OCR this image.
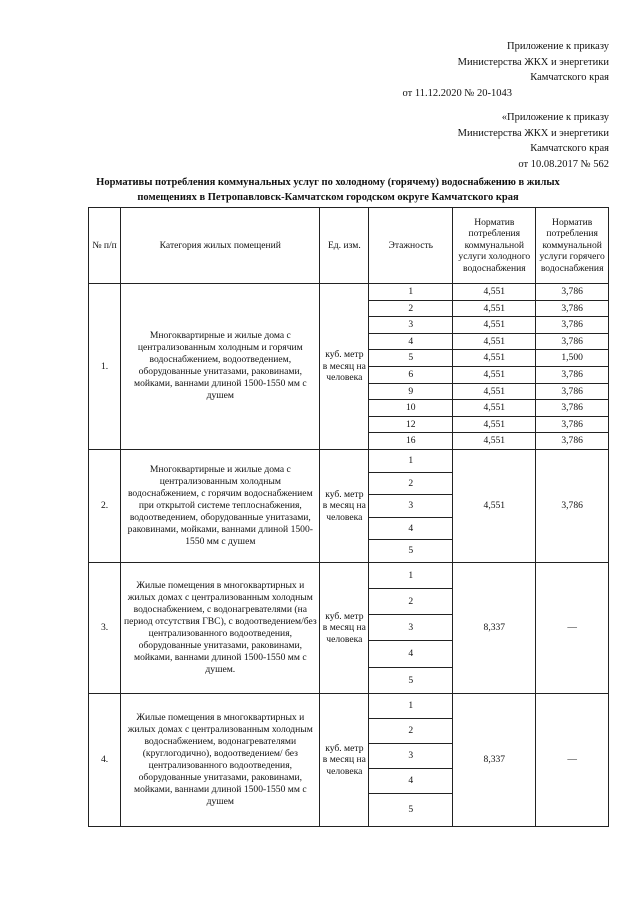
Приложение к приказу
Министерства ЖКХ и энергетики
Камчатского края
от 11.12.2020 № 20-1043
«Приложение к приказу
Министерства ЖКХ и энергетики
Камчатского края
от 10.08.2017 № 562
Нормативы потребления коммунальных услуг по холодному (горячему) водоснабжению в жилых
помещениях в Петропавловск-Камчатском городском округе Камчатского края
№ п/п	Категория жилых помещений	Ед. изм.	Этажность	Норматив потребления коммунальной услуги холодного водоснабжения	Норматив потребления коммунальной услуги горячего водоснабжения
1.	Многоквартирные и жилые дома с централизованным холодным и горячим водоснабжением, водоотведением, оборудованные унитазами, раковинами, мойками, ваннами длиной 1500-1550 мм с душем	куб. метр в месяц на человека	1	4,551	3,786
			2	4,551	3,786
			3	4,551	3,786
			4	4,551	3,786
			5	4,551	1,500
			6	4,551	3,786
			9	4,551	3,786
			10	4,551	3,786
			12	4,551	3,786
			16	4,551	3,786
2.	Многоквартирные и жилые дома с централизованным холодным водоснабжением, с горячим водоснабжением при открытой системе теплоснабжения, водоотведением, оборудованные унитазами, раковинами, мойками, ваннами длиной 1500-1550 мм с душем	куб. метр в месяц на человека	1	4,551	3,786
			2		
			3		
			4		
			5		
3.	Жилые помещения в многоквартирных и жилых домах с централизованным холодным водоснабжением, с водонагревателями (на период отсутствия ГВС), с водоотведением/без централизованного водоотведения, оборудованные унитазами, раковинами, мойками, ваннами длиной 1500-1550 мм с душем.	куб. метр в месяц на человека	1	8,337	—
			2		
			3		
			4		
			5		
4.	Жилые помещения в многоквартирных и жилых домах с централизованным холодным водоснабжением, водонагревателями (круглогодично), водоотведением/ без централизованного водоотведения, оборудованные унитазами, раковинами, мойками, ваннами длиной 1500-1550 мм с душем	куб. метр в месяц на человека	1	8,337	—
			2		
			3		
			4		
			5		
